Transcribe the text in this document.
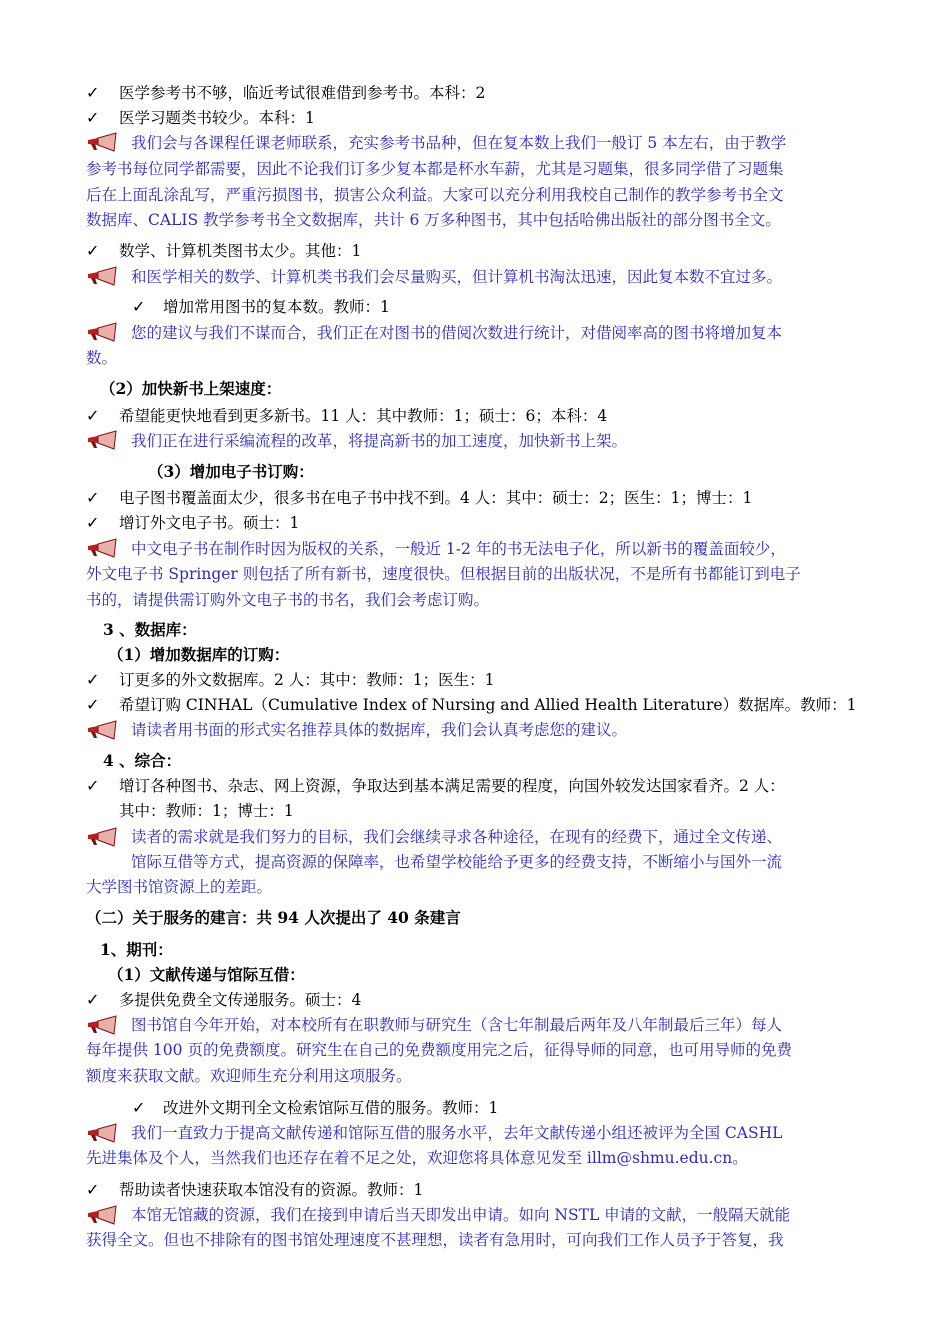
✓ 医学参考书不够，临近考试很难借到参考书。本科：2
✓ 医学习题类书较少。本科：1
我们会与各课程任课老师联系，充实参考书品种，但在复本数上我们一般订 5 本左右，由于教学
参考书每位同学都需要，因此不论我们订多少复本都是杯水车薪，尤其是习题集，很多同学借了习题集
后在上面乱涂乱写，严重污损图书，损害公众利益。大家可以充分利用我校自己制作的教学参考书全文
数据库、CALIS 教学参考书全文数据库，共计 6 万多种图书，其中包括哈佛出版社的部分图书全文。
✓ 数学、计算机类图书太少。其他：1
和医学相关的数学、计算机类书我们会尽量购买，但计算机书淘汰迅速，因此复本数不宜过多。
✓ 增加常用图书的复本数。教师：1
您的建议与我们不谋而合，我们正在对图书的借阅次数进行统计，对借阅率高的图书将增加复本
数。
（2）加快新书上架速度：
✓ 希望能更快地看到更多新书。11 人：其中教师：1；硕士：6；本科：4
我们正在进行采编流程的改革，将提高新书的加工速度，加快新书上架。
（3）增加电子书订购：
✓ 电子图书覆盖面太少，很多书在电子书中找不到。4 人：其中：硕士：2；医生：1；博士：1
✓ 增订外文电子书。硕士：1
中文电子书在制作时因为版权的关系，一般近 1-2 年的书无法电子化，所以新书的覆盖面较少，
外文电子书 Springer 则包括了所有新书，速度很快。但根据目前的出版状况，不是所有书都能订到电子
书的，请提供需订购外文电子书的书名，我们会考虑订购。
3 、数据库：
（1）增加数据库的订购：
✓ 订更多的外文数据库。2 人：其中：教师：1；医生：1
✓ 希望订购 CINHAL（Cumulative Index of Nursing and Allied Health Literature）数据库。教师：1
请读者用书面的形式实名推荐具体的数据库，我们会认真考虑您的建议。
4 、综合：
✓ 增订各种图书、杂志、网上资源，争取达到基本满足需要的程度，向国外较发达国家看齐。2 人：
其中：教师：1；博士：1
读者的需求就是我们努力的目标，我们会继续寻求各种途径，在现有的经费下，通过全文传递、
馆际互借等方式，提高资源的保障率，也希望学校能给予更多的经费支持，不断缩小与国外一流
大学图书馆资源上的差距。
（二）关于服务的建言：共 94 人次提出了 40 条建言
1、期刊：
（1）文献传递与馆际互借：
✓ 多提供免费全文传递服务。硕士：4
图书馆自今年开始，对本校所有在职教师与研究生（含七年制最后两年及八年制最后三年）每人
每年提供 100 页的免费额度。研究生在自己的免费额度用完之后，征得导师的同意，也可用导师的免费
额度来获取文献。欢迎师生充分利用这项服务。
✓ 改进外文期刊全文检索馆际互借的服务。教师：1
我们一直致力于提高文献传递和馆际互借的服务水平，去年文献传递小组还被评为全国 CASHL
先进集体及个人，当然我们也还存在着不足之处，欢迎您将具体意见发至 illm@shmu.edu.cn。
✓ 帮助读者快速获取本馆没有的资源。教师：1
本馆无馆藏的资源，我们在接到申请后当天即发出申请。如向 NSTL 申请的文献，一般隔天就能
获得全文。但也不排除有的图书馆处理速度不甚理想，读者有急用时，可向我们工作人员予于答复，我
